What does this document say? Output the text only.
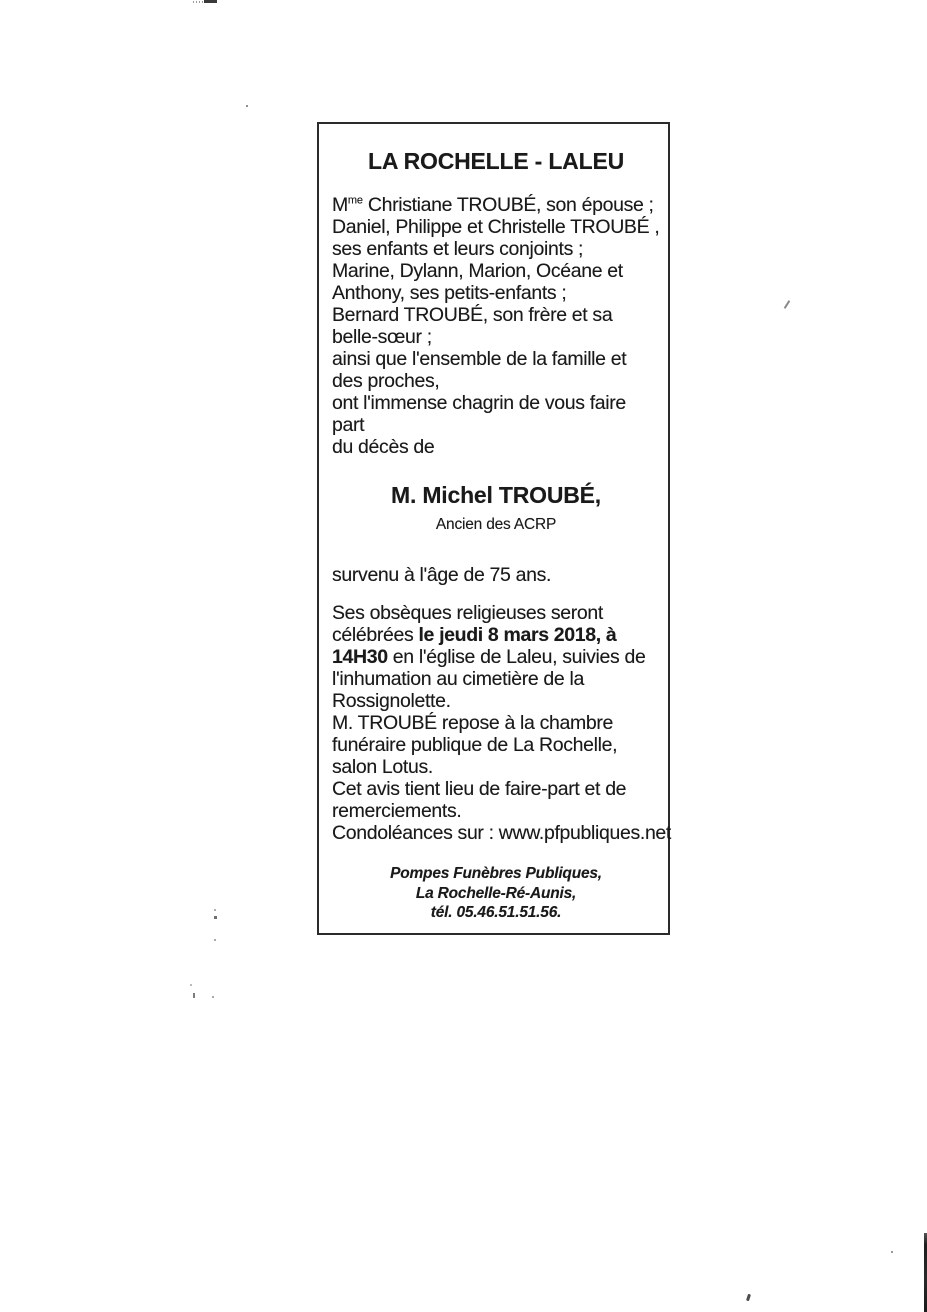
LA ROCHELLE - LALEU
$M^{me}$ Christiane TROUBÉ, son épouse ;
Daniel, Philippe et Christelle TROUBÉ ,
ses enfants et leurs conjoints ;
Marine, Dylann, Marion, Océane et
Anthony, ses petits-enfants ;
Bernard TROUBÉ, son frère et sa
belle-sœur ;
ainsi que l'ensemble de la famille et
des proches,
ont l'immense chagrin de vous faire
part
du décès de
M. Michel TROUBÉ,
Ancien des ACRP
survenu à l'âge de 75 ans.
Ses obsèques religieuses seront
célébrées le jeudi 8 mars 2018, à
14H30 en l'église de Laleu, suivies de
l'inhumation au cimetière de la
Rossignolette.
M. TROUBÉ repose à la chambre
funéraire publique de La Rochelle,
salon Lotus.
Cet avis tient lieu de faire-part et de
remerciements.
Condoléances sur : www.pfpubliques.net
Pompes Funèbres Publiques,
La Rochelle-Ré-Aunis,
tél. 05.46.51.51.56.
